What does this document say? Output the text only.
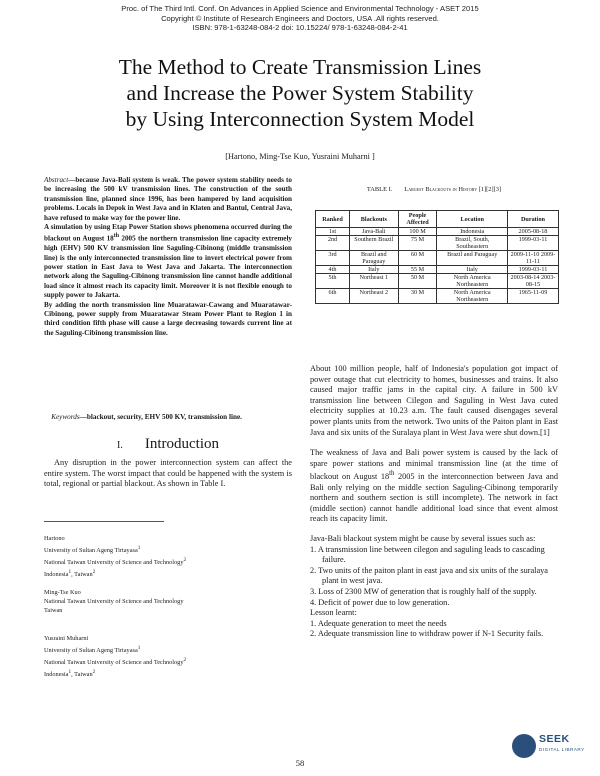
Proc. of The Third Intl. Conf. On Advances in Applied Science and Environmental Technology - ASET 2015
Copyright © Institute of Research Engineers and Doctors, USA .All rights reserved.
ISBN: 978-1-63248-084-2 doi: 10.15224/ 978-1-63248-084-2-41
The Method to Create Transmission Lines
and Increase the Power System Stability
by Using Interconnection System Model
[Hartono, Ming-Tse Kuo, Yusraini Muharni ]

Abstract—because Java-Bali system is weak. The power system stability needs to be increasing the 500 kV transmission lines. The construction of the south transmission line, planned since 1996, has been hampered by land acquisition problems. Locals in Depok in West Java and in Klaten and Bantul, Central Java, have refused to make way for the power line.

A simulation by using Etap Power Station shows phenomena occurred during the blackout on August 18th 2005 the northern transmission line capacity extremely high (EHV) 500 KV transmission line Saguling-Cibinong (middle transmission line) is the only interconnected transmission line to invert electrical power from power station in East Java to West Java and Jakarta. The interconnection network along the Saguling-Cibinong transmission line cannot handle additional load since it almost reach its capacity limit. Moreover it is not flexible enough to supply power to Jakarta.

By adding the north transmission line Muaratawar-Cawang and Muaratawar-Cibinong, power supply from Muaratawar Steam Power Plant to Region 1 in third condition fifth phase will cause a large decreasing towards current line at the Saguling-Cibinong transmission line.

Keywords—blackout, security, EHV 500 KV, transmission line.
I. Introduction

Any disruption in the power interconnection system can affect the entire system. The worst impact that could be happened with the system is total, regional or partial blackout. As shown in Table I.

Hartono
University of Sultan Ageng Tirtayasa$^1$
National Taiwan University of Science and Technology$^2$
Indonesia$^1$, Taiwan$^2$
Ming-Tse Kuo
National Taiwan University of Science and Technology
Taiwan
Yusraini Muharni
University of Sultan Ageng Tirtayasa$^1$
National Taiwan University of Science and Technology$^2$
Indonesia$^1$, Taiwan$^2$
TABLE I. Largest Blackouts in History [1][2][3]
Ranked	Blackouts	People Affected	Location	Duration
1st	Java-Bali	100 M	Indonesia	2005-08-18
2nd	Southern Brazil	75 M	Brazil, South, Southeastern	1999-03-11
3rd	Brazil and Paraguay	60 M	Brazil and Paraguay	2009-11-10 2009-11-11
4th	Italy	55 M	Italy	1999-03-11
5th	Northeast 1	50 M	North America Northeastern	2003-08-14 2003-08-15
6th	Northeast 2	30 M	North America Northeastern	1965-11-09
About 100 million people, half of Indonesia's population got impact of power outage that cut electricity to homes, businesses and trains. It also caused major traffic jams in the capital city. A failure in 500 kV transmission line between Cilegon and Saguling in West Java cuted electricity supplies at 10.23 a.m. The fault caused disengages several power plants units from the network. Two units of the Paiton plant in East Java and six units of the Suralaya plant in West Java were shut down.[1]
The weakness of Java and Bali power system is caused by the lack of spare power stations and minimal transmission line (at the time of blackout on August 18th 2005 in the interconnection between Java and Bali only relying on the middle section Saguling-Cibinong temporarily northern and southern section is still incomplete). The network in fact (middle section) cannot handle additional load since that event almost reach its capacity limit.
Java-Bali blackout system might be cause by several issues such as:
1. A transmission line between cilegon and saguling leads to cascading failure.
2. Two units of the paiton plant in east java and six units of the suralaya plant in west java.
3. Loss of 2300 MW of generation that is roughly half of the supply.
4. Deficit of power due to low generation.
Lesson learnt:
1. Adequate generation to meet the needs
2. Adequate transmission line to withdraw power if N-1 Security fails.
58
SEEK
DIGITAL LIBRARY
